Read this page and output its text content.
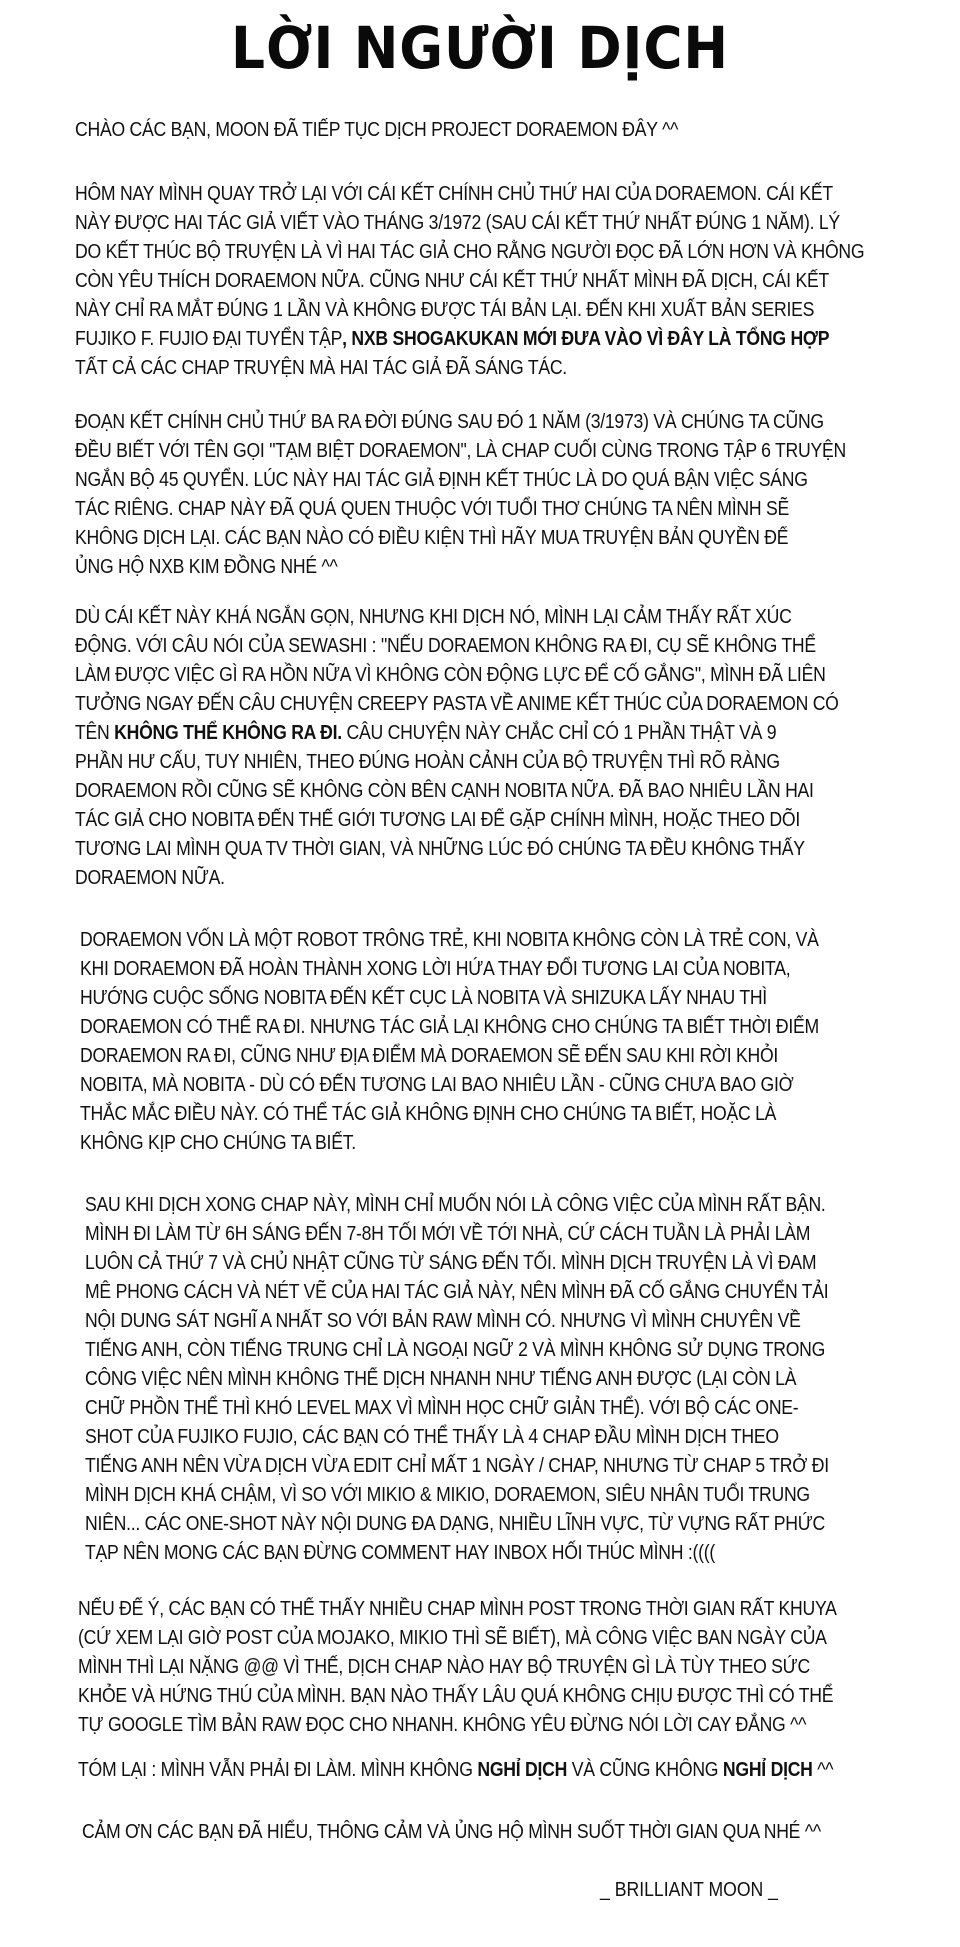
LỜI NGƯỜI DỊCH
CHÀO CÁC BẠN, MOON ĐÃ TIẾP TỤC DỊCH PROJECT DORAEMON ĐÂY ^^
HÔM NAY MÌNH QUAY TRỞ LẠI VỚI CÁI KẾT CHÍNH CHỦ THỨ HAI CỦA DORAEMON. CÁI KẾT
NÀY ĐƯỢC HAI TÁC GIẢ VIẾT VÀO THÁNG 3/1972 (SAU CÁI KẾT THỨ NHẤT ĐÚNG 1 NĂM). LÝ
DO KẾT THÚC BỘ TRUYỆN LÀ VÌ HAI TÁC GIẢ CHO RẰNG NGƯỜI ĐỌC ĐÃ LỚN HƠN VÀ KHÔNG
CÒN YÊU THÍCH DORAEMON NỮA. CŨNG NHƯ CÁI KẾT THỨ NHẤT MÌNH ĐÃ DỊCH, CÁI KẾT
NÀY CHỈ RA MẮT ĐÚNG 1 LẦN VÀ KHÔNG ĐƯỢC TÁI BẢN LẠI. ĐẾN KHI XUẤT BẢN SERIES
FUJIKO F. FUJIO ĐẠI TUYỂN TẬP, NXB SHOGAKUKAN MỚI ĐƯA VÀO VÌ ĐÂY LÀ TỔNG HỢP
TẤT CẢ CÁC CHAP TRUYỆN MÀ HAI TÁC GIẢ ĐÃ SÁNG TÁC.
ĐOẠN KẾT CHÍNH CHỦ THỨ BA RA ĐỜI ĐÚNG SAU ĐÓ 1 NĂM (3/1973) VÀ CHÚNG TA CŨNG
ĐỀU BIẾT VỚI TÊN GỌI "TẠM BIỆT DORAEMON", LÀ CHAP CUỐI CÙNG TRONG TẬP 6 TRUYỆN
NGẮN BỘ 45 QUYỂN. LÚC NÀY HAI TÁC GIẢ ĐỊNH KẾT THÚC LÀ DO QUÁ BẬN VIỆC SÁNG
TÁC RIÊNG. CHAP NÀY ĐÃ QUÁ QUEN THUỘC VỚI TUỔI THƠ CHÚNG TA NÊN MÌNH SẼ
KHÔNG DỊCH LẠI. CÁC BẠN NÀO CÓ ĐIỀU KIỆN THÌ HÃY MUA TRUYỆN BẢN QUYỀN ĐỂ
ỦNG HỘ NXB KIM ĐỒNG NHÉ ^^
DÙ CÁI KẾT NÀY KHÁ NGẮN GỌN, NHƯNG KHI DỊCH NÓ, MÌNH LẠI CẢM THẤY RẤT XÚC
ĐỘNG. VỚI CÂU NÓI CỦA SEWASHI : "NẾU DORAEMON KHÔNG RA ĐI, CỤ SẼ KHÔNG THỂ
LÀM ĐƯỢC VIỆC GÌ RA HỒN NỮA VÌ KHÔNG CÒN ĐỘNG LỰC ĐỂ CỐ GẮNG", MÌNH ĐÃ LIÊN
TƯỞNG NGAY ĐẾN CÂU CHUYỆN CREEPY PASTA VỀ ANIME KẾT THÚC CỦA DORAEMON CÓ
TÊN KHÔNG THỂ KHÔNG RA ĐI. CÂU CHUYỆN NÀY CHẮC CHỈ CÓ 1 PHẦN THẬT VÀ 9
PHẦN HƯ CẤU, TUY NHIÊN, THEO ĐÚNG HOÀN CẢNH CỦA BỘ TRUYỆN THÌ RÕ RÀNG
DORAEMON RỒI CŨNG SẼ KHÔNG CÒN BÊN CẠNH NOBITA NỮA. ĐÃ BAO NHIÊU LẦN HAI
TÁC GIẢ CHO NOBITA ĐẾN THẾ GIỚI TƯƠNG LAI ĐỂ GẶP CHÍNH MÌNH, HOẶC THEO DÕI
TƯƠNG LAI MÌNH QUA TV THỜI GIAN, VÀ NHỮNG LÚC ĐÓ CHÚNG TA ĐỀU KHÔNG THẤY
DORAEMON NỮA.
DORAEMON VỐN LÀ MỘT ROBOT TRÔNG TRẺ, KHI NOBITA KHÔNG CÒN LÀ TRẺ CON, VÀ
KHI DORAEMON ĐÃ HOÀN THÀNH XONG LỜI HỨA THAY ĐỔI TƯƠNG LAI CỦA NOBITA,
HƯỚNG CUỘC SỐNG NOBITA ĐẾN KẾT CỤC LÀ NOBITA VÀ SHIZUKA LẤY NHAU THÌ
DORAEMON CÓ THỂ RA ĐI. NHƯNG TÁC GIẢ LẠI KHÔNG CHO CHÚNG TA BIẾT THỜI ĐIỂM
DORAEMON RA ĐI, CŨNG NHƯ ĐỊA ĐIỂM MÀ DORAEMON SẼ ĐẾN SAU KHI RỜI KHỎI
NOBITA, MÀ NOBITA - DÙ CÓ ĐẾN TƯƠNG LAI BAO NHIÊU LẦN - CŨNG CHƯA BAO GIỜ
THẮC MẮC ĐIỀU NÀY. CÓ THỂ TÁC GIẢ KHÔNG ĐỊNH CHO CHÚNG TA BIẾT, HOẶC LÀ
KHÔNG KỊP CHO CHÚNG TA BIẾT.
SAU KHI DỊCH XONG CHAP NÀY, MÌNH CHỈ MUỐN NÓI LÀ CÔNG VIỆC CỦA MÌNH RẤT BẬN.
MÌNH ĐI LÀM TỪ 6H SÁNG ĐẾN 7-8H TỐI MỚI VỀ TỚI NHÀ, CỨ CÁCH TUẦN LÀ PHẢI LÀM
LUÔN CẢ THỨ 7 VÀ CHỦ NHẬT CŨNG TỪ SÁNG ĐẾN TỐI. MÌNH DỊCH TRUYỆN LÀ VÌ ĐAM
MÊ PHONG CÁCH VÀ NÉT VẼ CỦA HAI TÁC GIẢ NÀY, NÊN MÌNH ĐÃ CỐ GẮNG CHUYỂN TẢI
NỘI DUNG SÁT NGHĨ A NHẤT SO VỚI BẢN RAW MÌNH CÓ. NHƯNG VÌ MÌNH CHUYÊN VỀ
TIẾNG ANH, CÒN TIẾNG TRUNG CHỈ LÀ NGOẠI NGỮ 2 VÀ MÌNH KHÔNG SỬ DỤNG TRONG
CÔNG VIỆC NÊN MÌNH KHÔNG THỂ DỊCH NHANH NHƯ TIẾNG ANH ĐƯỢC (LẠI CÒN LÀ
CHỮ PHỒN THỂ THÌ KHÓ LEVEL MAX VÌ MÌNH HỌC CHỮ GIẢN THỂ). VỚI BỘ CÁC ONE-
SHOT CỦA FUJIKO FUJIO, CÁC BẠN CÓ THỂ THẤY LÀ 4 CHAP ĐẦU MÌNH DỊCH THEO
TIẾNG ANH NÊN VỪA DỊCH VỪA EDIT CHỈ MẤT 1 NGÀY / CHAP, NHƯNG TỪ CHAP 5 TRỞ ĐI
MÌNH DỊCH KHÁ CHẬM, VÌ SO VỚI MIKIO & MIKIO, DORAEMON, SIÊU NHÂN TUỔI TRUNG
NIÊN... CÁC ONE-SHOT NÀY NỘI DUNG ĐA DẠNG, NHIỀU LĨNH VỰC, TỪ VỰNG RẤT PHỨC
TẠP NÊN MONG CÁC BẠN ĐỪNG COMMENT HAY INBOX HỐI THÚC MÌNH :((((
NẾU ĐỂ Ý, CÁC BẠN CÓ THỂ THẤY NHIỀU CHAP MÌNH POST TRONG THỜI GIAN RẤT KHUYA
(CỨ XEM LẠI GIỜ POST CỦA MOJAKO, MIKIO THÌ SẼ BIẾT), MÀ CÔNG VIỆC BAN NGÀY CỦA
MÌNH THÌ LẠI NẶNG @@ VÌ THẾ, DỊCH CHAP NÀO HAY BỘ TRUYỆN GÌ LÀ TÙY THEO SỨC
KHỎE VÀ HỨNG THÚ CỦA MÌNH. BẠN NÀO THẤY LÂU QUÁ KHÔNG CHỊU ĐƯỢC THÌ CÓ THỂ
TỰ GOOGLE TÌM BẢN RAW ĐỌC CHO NHANH. KHÔNG YÊU ĐỪNG NÓI LỜI CAY ĐẮNG ^^
TÓM LẠI : MÌNH VẪN PHẢI ĐI LÀM. MÌNH KHÔNG NGHỈ DỊCH VÀ CŨNG KHÔNG NGHỈ DỊCH ^^
CẢM ƠN CÁC BẠN ĐÃ HIỂU, THÔNG CẢM VÀ ỦNG HỘ MÌNH SUỐT THỜI GIAN QUA NHÉ ^^
_ BRILLIANT MOON _
